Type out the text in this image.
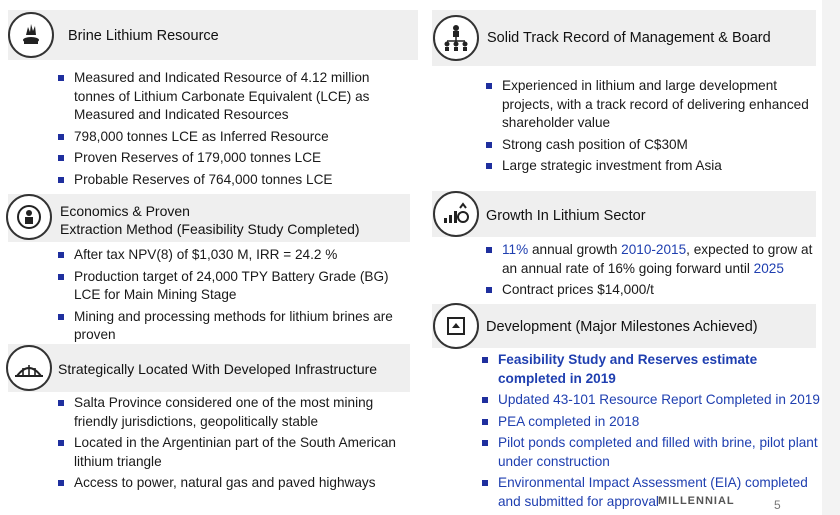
Brine Lithium Resource
Measured and Indicated Resource of 4.12 million tonnes of Lithium Carbonate Equivalent (LCE) as Measured and Indicated Resources
798,000 tonnes LCE as Inferred Resource
Proven Reserves of 179,000 tonnes LCE
Probable Reserves of 764,000 tonnes LCE
Economics & Proven
Extraction Method (Feasibility Study Completed)
After tax NPV(8) of $1,030 M, IRR = 24.2 %
Production target of 24,000 TPY Battery Grade (BG) LCE for Main Mining Stage
Mining and processing methods for lithium brines are proven
Strategically Located With Developed Infrastructure
Salta Province considered one of the most mining friendly jurisdictions, geopolitically stable
Located in the Argentinian part of the South American lithium triangle
Access to power, natural gas and paved highways
Solid Track Record of Management & Board
Experienced in lithium and large development projects, with a track record of delivering enhanced shareholder value
Strong cash position of C$30M
Large strategic investment from Asia
Growth In Lithium Sector
11% annual growth 2010-2015, expected to grow at an annual rate of 16% going forward until 2025
Contract prices $14,000/t
Development (Major Milestones Achieved)
Feasibility Study and Reserves estimate completed in 2019
Updated 43-101 Resource Report Completed in 2019
PEA completed in 2018
Pilot ponds completed and filled with brine, pilot plant under construction
Environmental Impact Assessment (EIA) completed and submitted for approval MILLENNIAL	5
